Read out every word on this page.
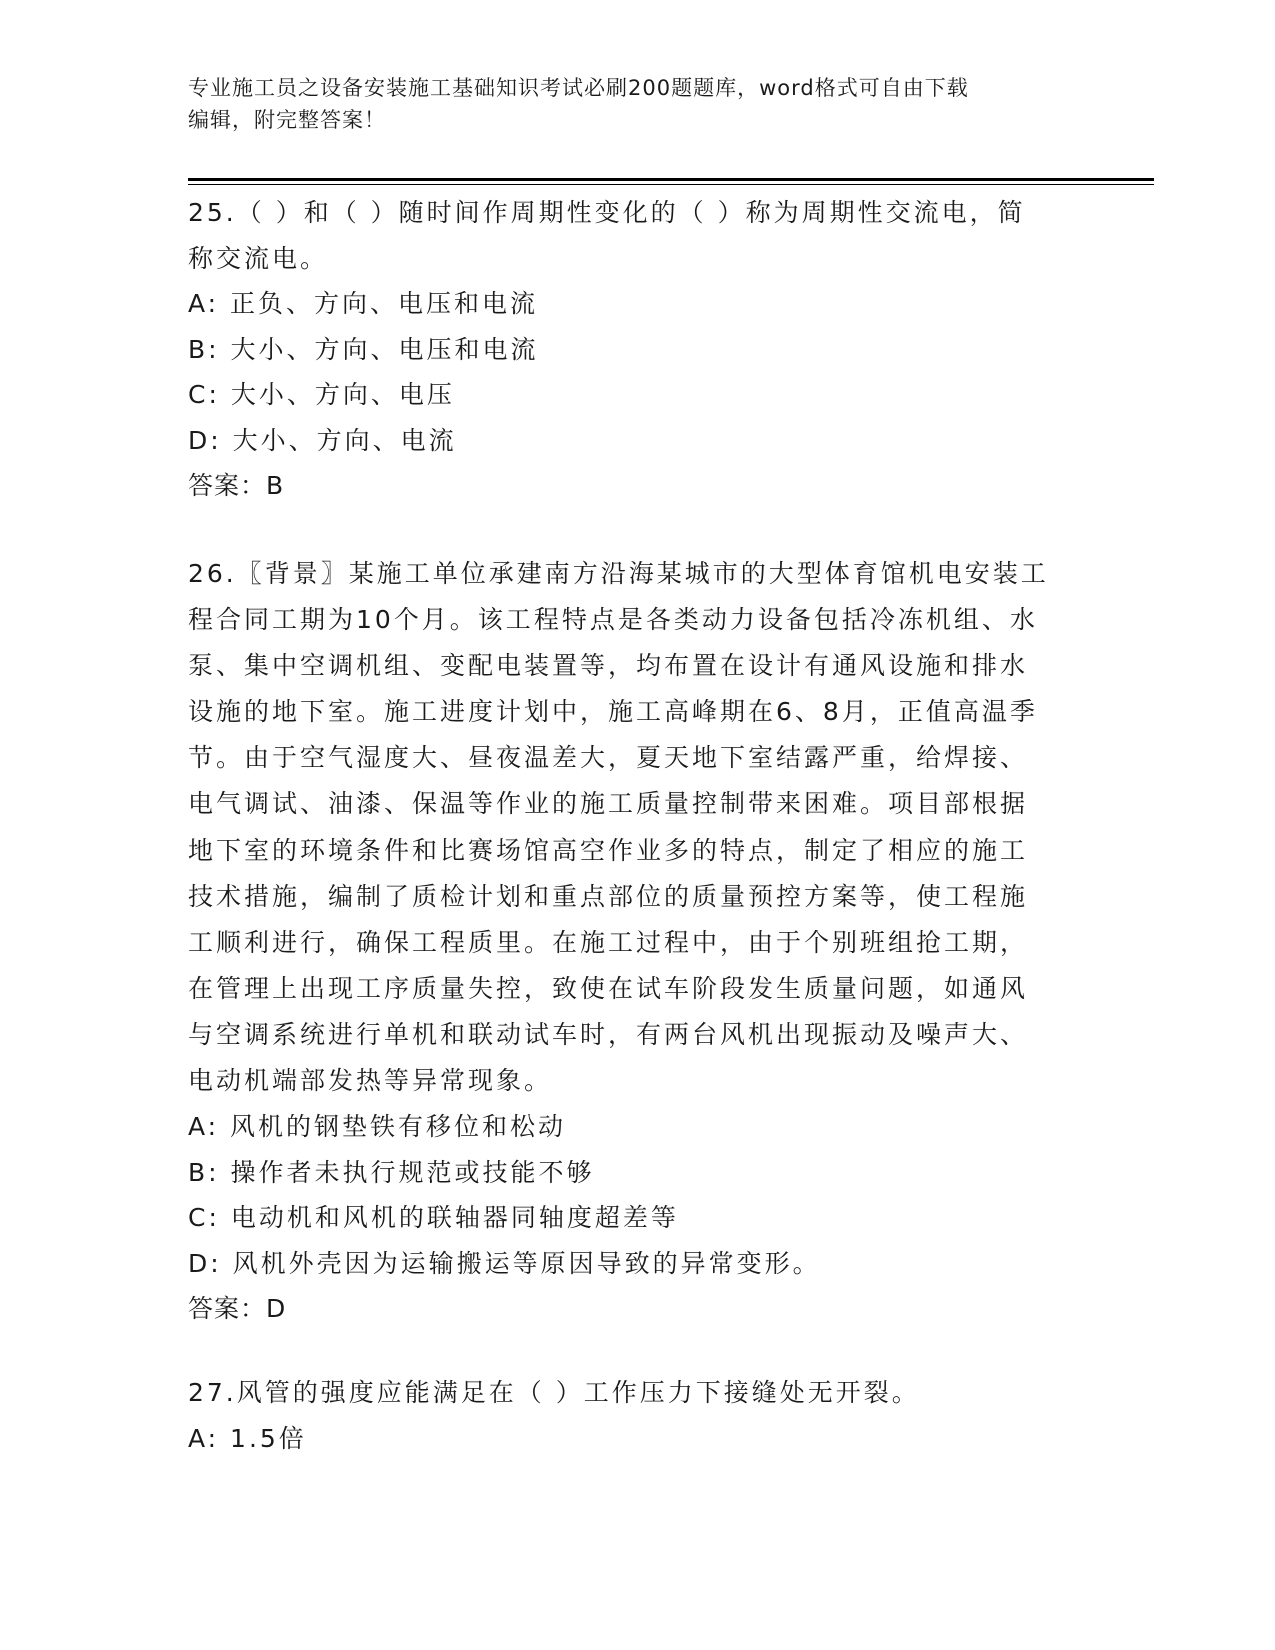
专业施工员之设备安装施工基础知识考试必刷200题题库，word格式可自由下载
编辑，附完整答案！
25.（ ）和（ ）随时间作周期性变化的（ ）称为周期性交流电，简
称交流电。
A: 正负、方向、电压和电流
B: 大小、方向、电压和电流
C: 大小、方向、电压
D: 大小、方向、电流
答案：B
26.〖背景〗某施工单位承建南方沿海某城市的大型体育馆机电安装工
程合同工期为10个月。该工程特点是各类动力设备包括冷冻机组、水
泵、集中空调机组、变配电装置等，均布置在设计有通风设施和排水
设施的地下室。施工进度计划中，施工高峰期在6、8月，正值高温季
节。由于空气湿度大、昼夜温差大，夏天地下室结露严重，给焊接、
电气调试、油漆、保温等作业的施工质量控制带来困难。项目部根据
地下室的环境条件和比赛场馆高空作业多的特点，制定了相应的施工
技术措施，编制了质检计划和重点部位的质量预控方案等，使工程施
工顺利进行，确保工程质里。在施工过程中，由于个别班组抢工期，
在管理上出现工序质量失控，致使在试车阶段发生质量问题，如通风
与空调系统进行单机和联动试车时，有两台风机出现振动及噪声大、
电动机端部发热等异常现象。
A: 风机的钢垫铁有移位和松动
B: 操作者未执行规范或技能不够
C: 电动机和风机的联轴器同轴度超差等
D: 风机外壳因为运输搬运等原因导致的异常变形。
答案：D
27.风管的强度应能满足在（ ）工作压力下接缝处无开裂。
A: 1.5倍
